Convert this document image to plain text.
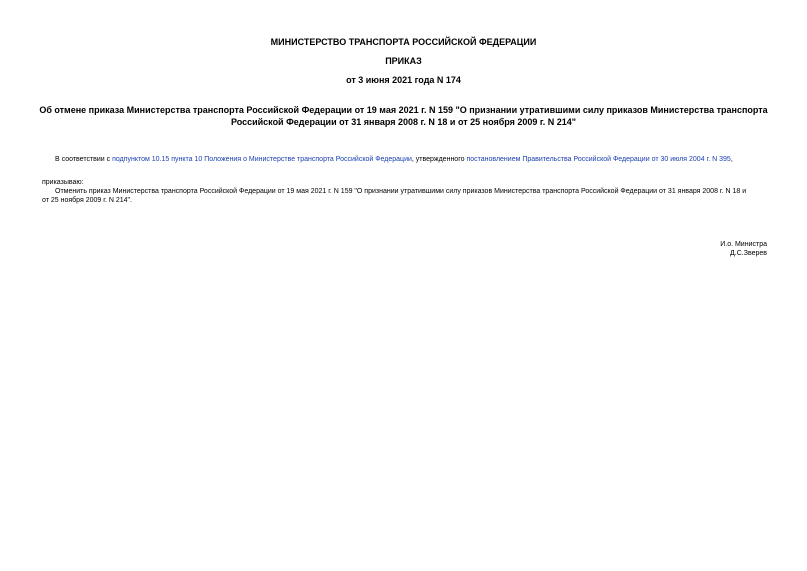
МИНИСТЕРСТВО ТРАНСПОРТА РОССИЙСКОЙ ФЕДЕРАЦИИ
ПРИКАЗ
от 3 июня 2021 года N 174
Об отмене приказа Министерства транспорта Российской Федерации от 19 мая 2021 г. N 159 "О признании утратившими силу приказов Министерства транспорта
Российской Федерации от 31 января 2008 г. N 18 и от 25 ноября 2009 г. N 214"
В соответствии с подпунктом 10.15 пункта 10 Положения о Министерстве транспорта Российской Федерации, утвержденного постановлением Правительства Российской Федерации от 30 июля 2004 г. N 395,
приказываю:
Отменить приказ Министерства транспорта Российской Федерации от 19 мая 2021 г. N 159 "О признании утратившими силу приказов Министерства транспорта Российской Федерации от 31 января 2008 г. N 18 и
от 25 ноября 2009 г. N 214".
И.о. Министра
Д.С.Зверев
